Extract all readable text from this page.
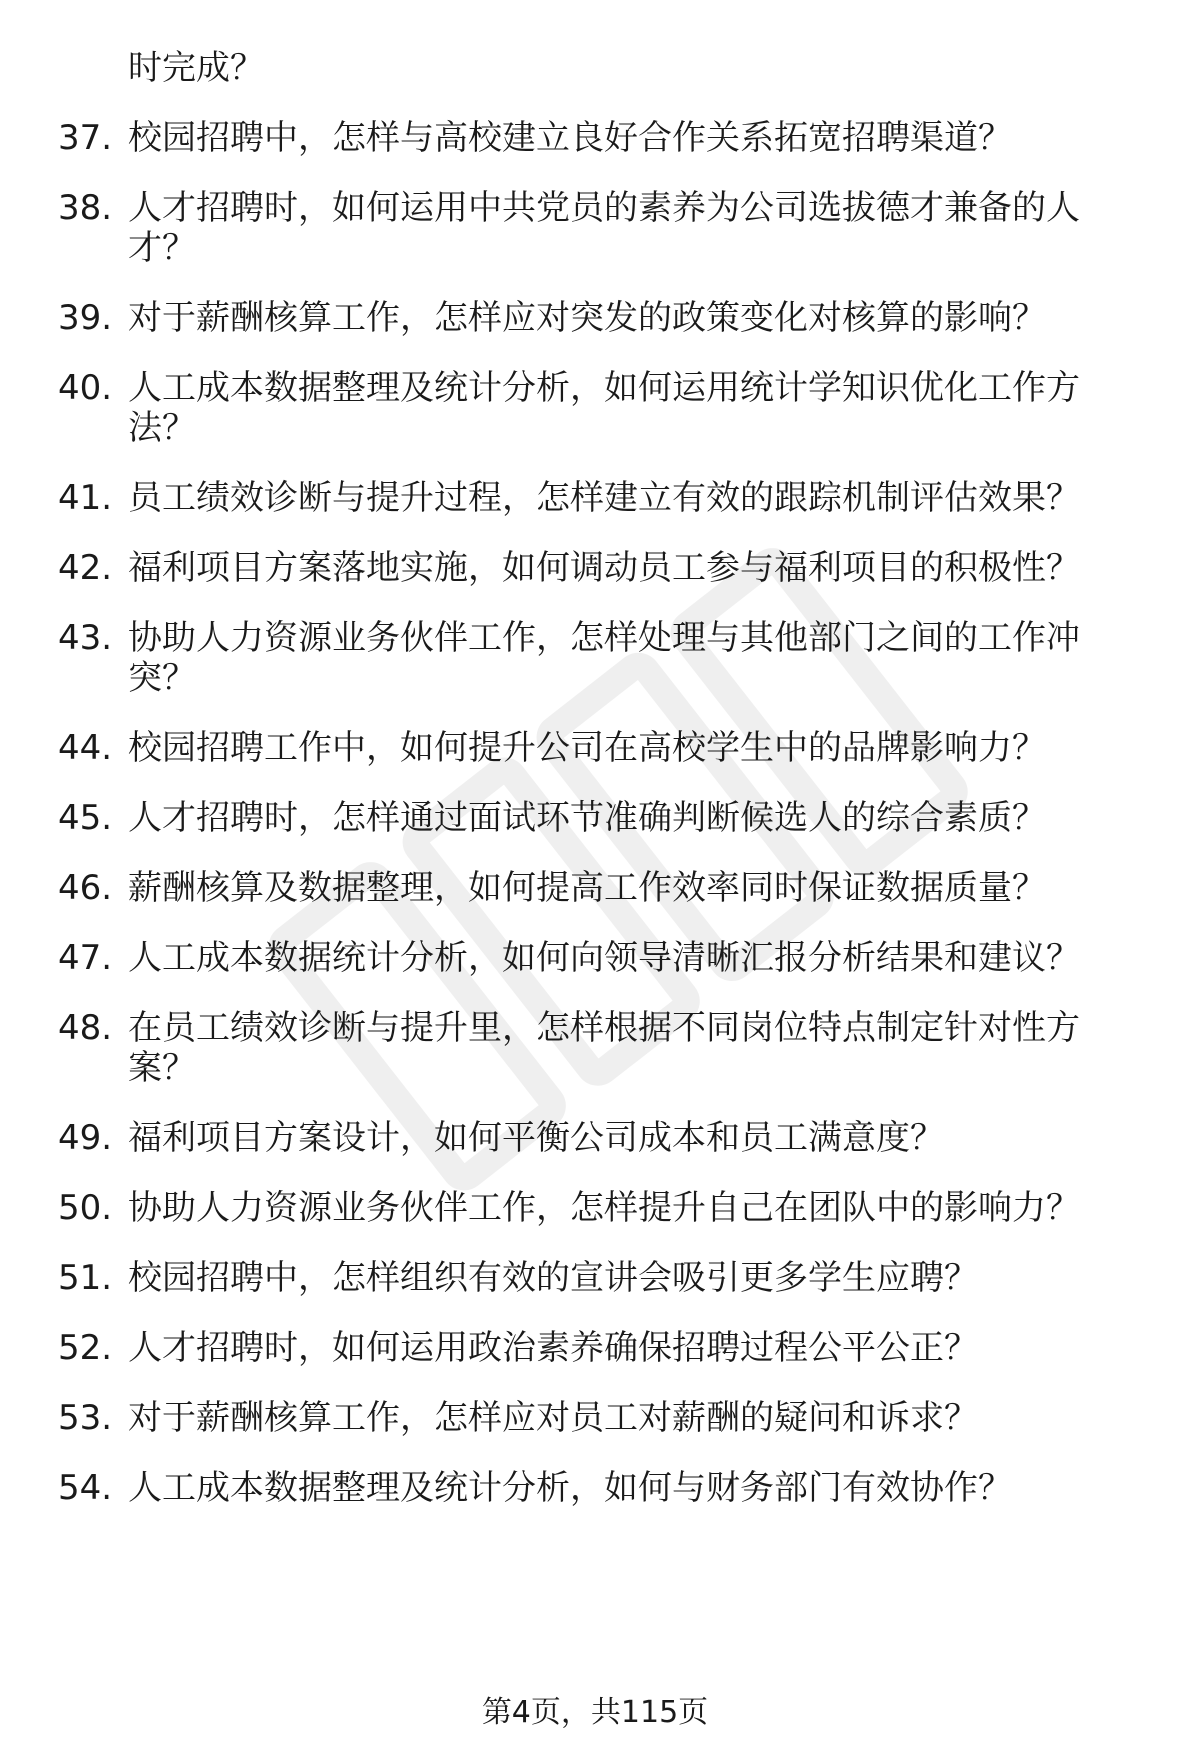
时完成？
37. 校园招聘中，怎样与高校建立良好合作关系拓宽招聘渠道？
38. 人才招聘时，如何运用中共党员的素养为公司选拔德才兼备的人
才？
39. 对于薪酬核算工作，怎样应对突发的政策变化对核算的影响？
40. 人工成本数据整理及统计分析，如何运用统计学知识优化工作方
法？
41. 员工绩效诊断与提升过程，怎样建立有效的跟踪机制评估效果？
42. 福利项目方案落地实施，如何调动员工参与福利项目的积极性？
43. 协助人力资源业务伙伴工作，怎样处理与其他部门之间的工作冲
突？
44. 校园招聘工作中，如何提升公司在高校学生中的品牌影响力？
45. 人才招聘时，怎样通过面试环节准确判断候选人的综合素质？
46. 薪酬核算及数据整理，如何提高工作效率同时保证数据质量？
47. 人工成本数据统计分析，如何向领导清晰汇报分析结果和建议？
48. 在员工绩效诊断与提升里，怎样根据不同岗位特点制定针对性方
案？
49. 福利项目方案设计，如何平衡公司成本和员工满意度？
50. 协助人力资源业务伙伴工作，怎样提升自己在团队中的影响力？
51. 校园招聘中，怎样组织有效的宣讲会吸引更多学生应聘？
52. 人才招聘时，如何运用政治素养确保招聘过程公平公正？
53. 对于薪酬核算工作，怎样应对员工对薪酬的疑问和诉求？
54. 人工成本数据整理及统计分析，如何与财务部门有效协作？
第4页，共115页
